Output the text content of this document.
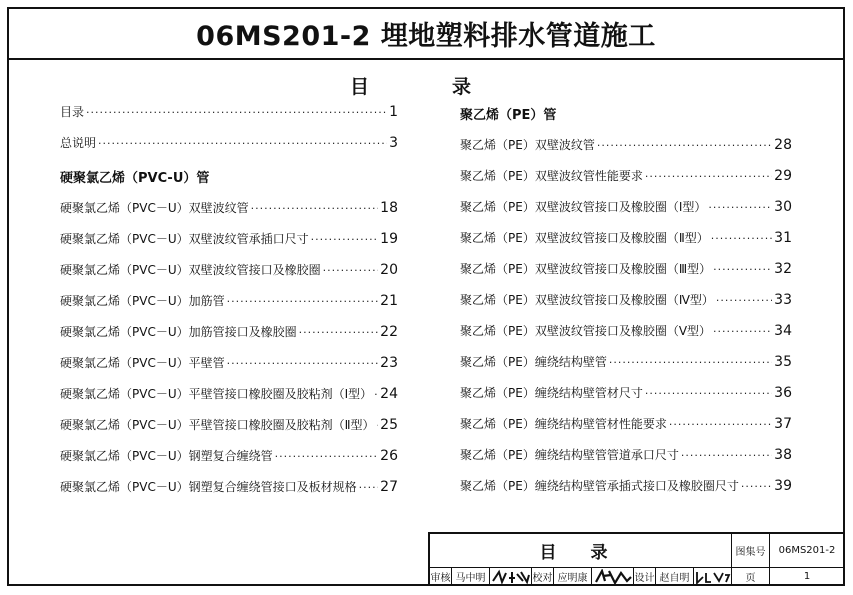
06MS201-2 埋地塑料排水管道施工
目	录
目录 ·····	1
总说明 ·····	3
硬聚氯乙烯（PVC-U）管
硬聚氯乙烯（PVC－U）双壁波纹管 ·····	18
硬聚氯乙烯（PVC－U）双壁波纹管承插口尺寸 ·····	19
硬聚氯乙烯（PVC－U）双壁波纹管接口及橡胶圈 ·····	20
硬聚氯乙烯（PVC－U）加筋管 ·····	21
硬聚氯乙烯（PVC－U）加筋管接口及橡胶圈 ·····	22
硬聚氯乙烯（PVC－U）平壁管 ·····	23
硬聚氯乙烯（PVC－U）平壁管接口橡胶圈及胶粘剂（Ⅰ型） ····· 24
硬聚氯乙烯（PVC－U）平壁管接口橡胶圈及胶粘剂（Ⅱ型） ····· 25
硬聚氯乙烯（PVC－U）钢塑复合缠绕管 ·····	26
硬聚氯乙烯（PVC－U）钢塑复合缠绕管接口及板材规格 ····· 27
聚乙烯（PE）管
聚乙烯（PE）双壁波纹管 ·····	28
聚乙烯（PE）双壁波纹管性能要求 ·····	29
聚乙烯（PE）双壁波纹管接口及橡胶圈（Ⅰ型） ·····	30
聚乙烯（PE）双壁波纹管接口及橡胶圈（Ⅱ型） ·····	31
聚乙烯（PE）双壁波纹管接口及橡胶圈（Ⅲ型） ·····	32
聚乙烯（PE）双壁波纹管接口及橡胶圈（Ⅳ型） ·····	33
聚乙烯（PE）双壁波纹管接口及橡胶圈（Ⅴ型） ·····	34
聚乙烯（PE）缠绕结构壁管 ·····	35
聚乙烯（PE）缠绕结构壁管材尺寸 ·····	36
聚乙烯（PE）缠绕结构壁管材性能要求 ·····	37
聚乙烯（PE）缠绕结构壁管管道承口尺寸 ·····	38
聚乙烯（PE）缠绕结构壁管承插式接口及橡胶圈尺寸 ·····	39
目 录	图集号	06MS201-2
审核 马中明	校对 应明康	设计 赵自明	页	1
